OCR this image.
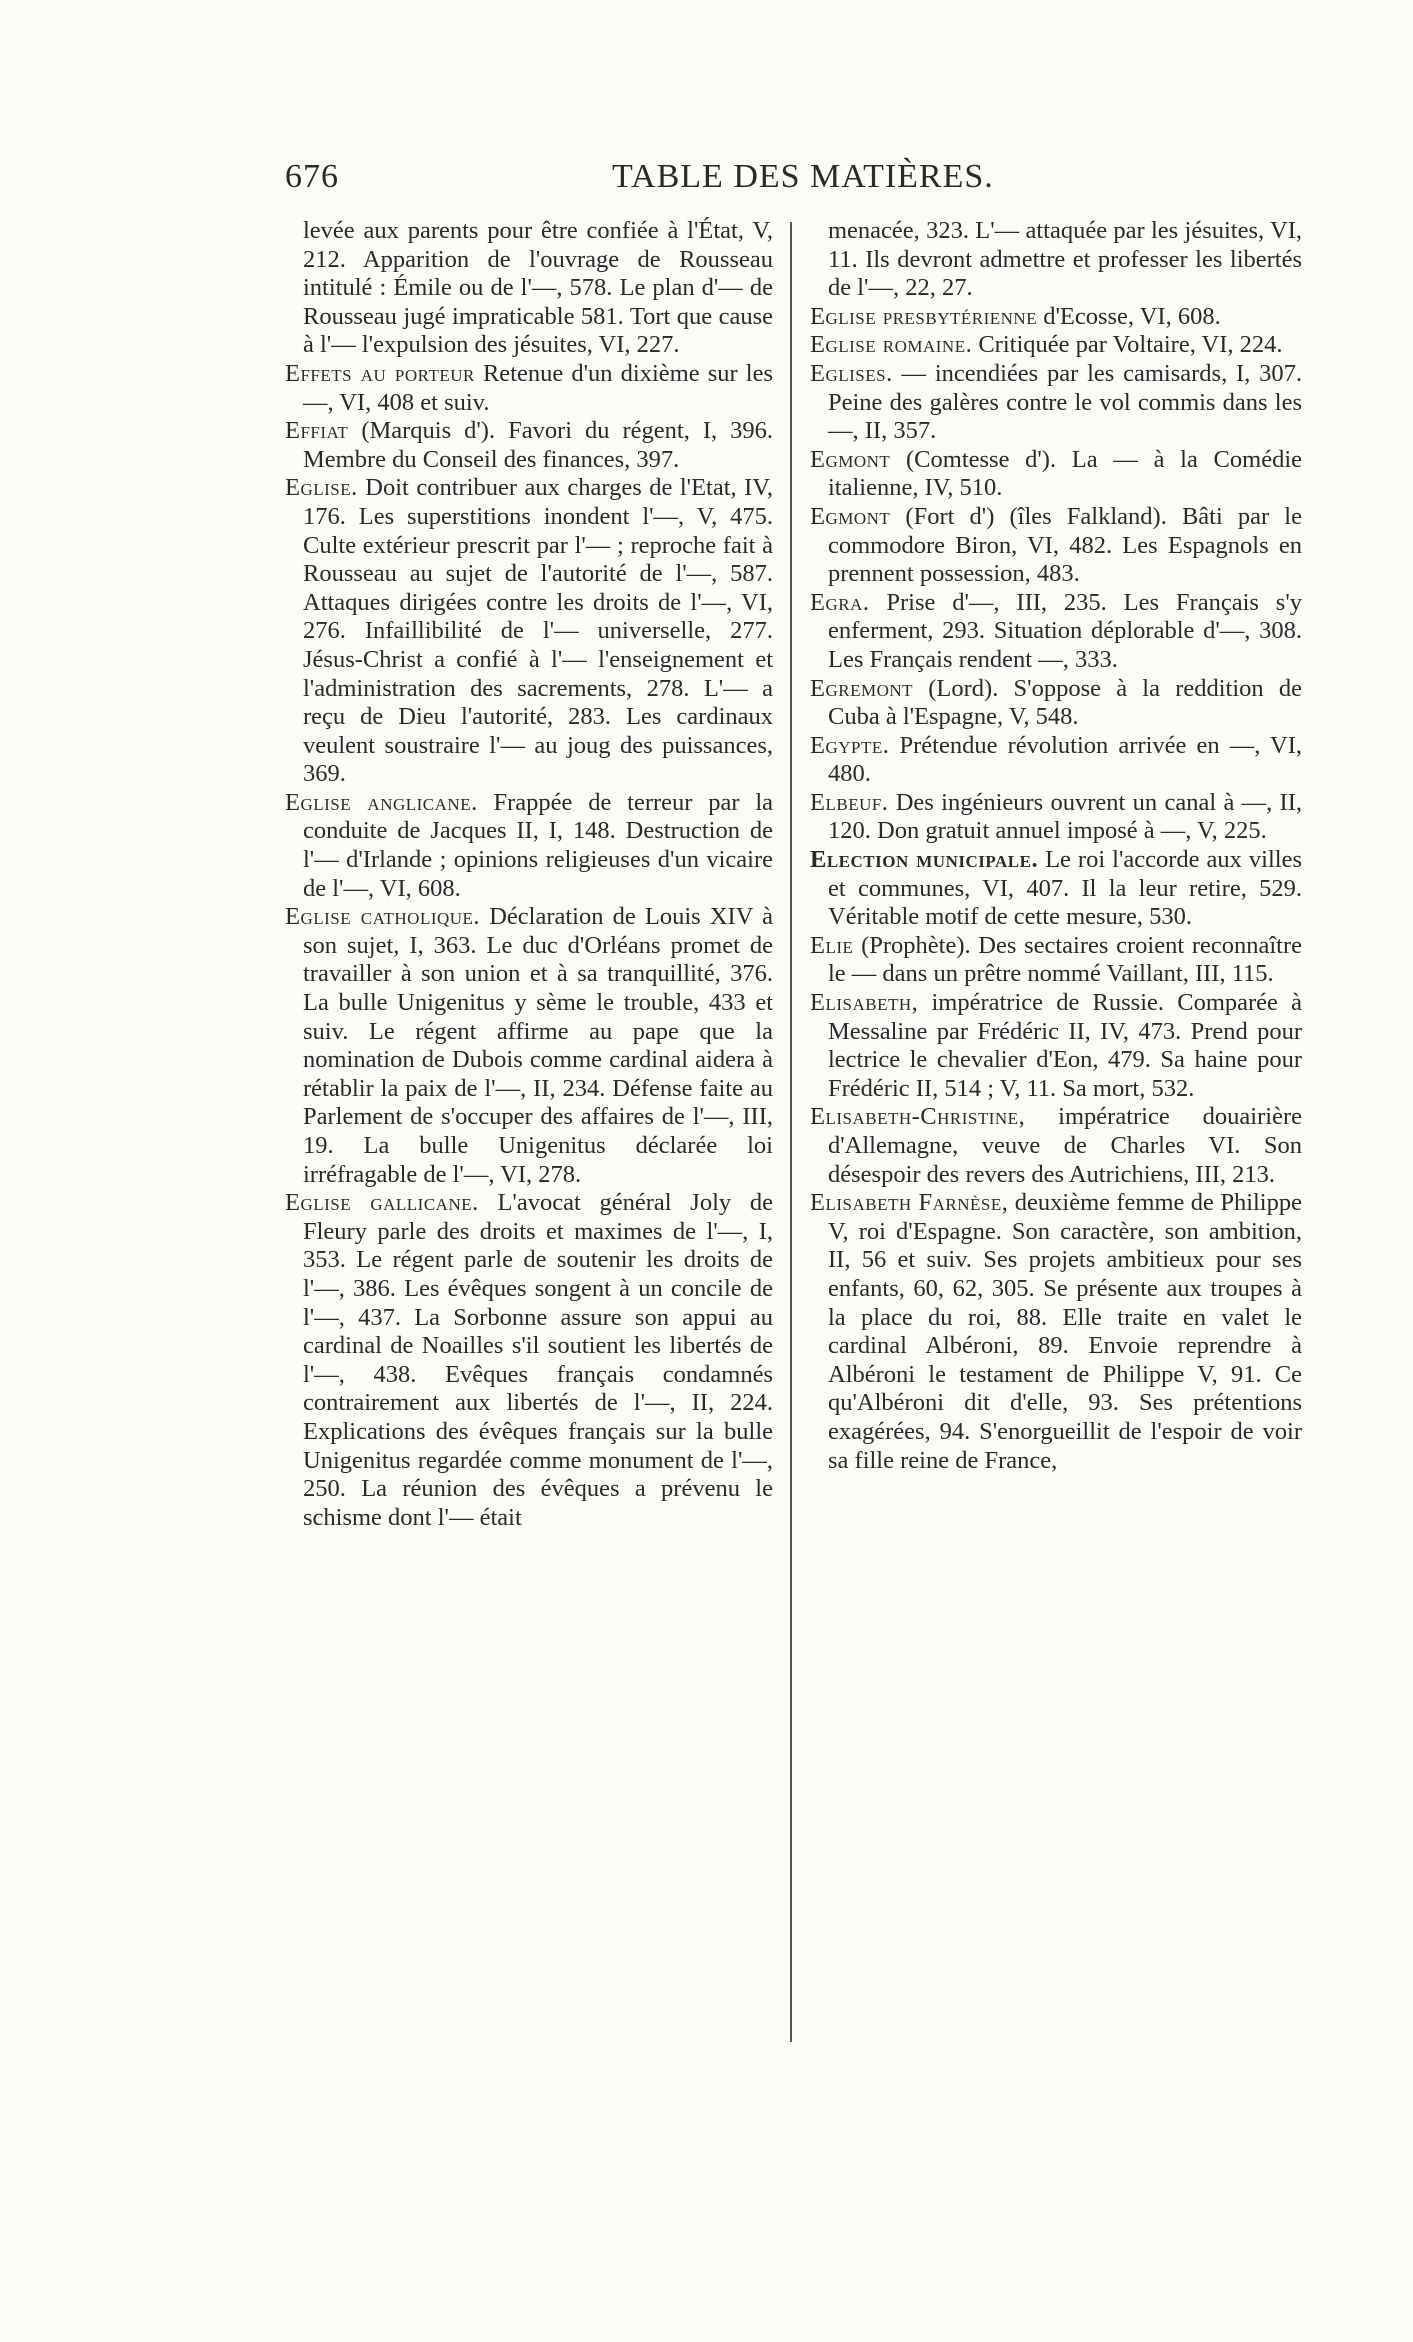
676	TABLE DES MATIÈRES.

levée aux parents pour être confiée à l'État, V, 212. Apparition de l'ouvrage de Rousseau intitulé : Émile ou de l'—, 578. Le plan d'— de Rousseau jugé impraticable 581. Tort que cause à l'— l'expulsion des jésuites, VI, 227.

Effets au porteur Retenue d'un dixième sur les —, VI, 408 et suiv.

Effiat (Marquis d'). Favori du régent, I, 396. Membre du Conseil des finances, 397.

Eglise. Doit contribuer aux charges de l'Etat, IV, 176. Les superstitions inondent l'—, V, 475. Culte extérieur prescrit par l'— ; reproche fait à Rousseau au sujet de l'autorité de l'—, 587. Attaques dirigées contre les droits de l'—, VI, 276. Infaillibilité de l'— universelle, 277. Jésus-Christ a confié à l'— l'enseignement et l'administration des sacrements, 278. L'— a reçu de Dieu l'autorité, 283. Les cardinaux veulent soustraire l'— au joug des puissances, 369.

Eglise anglicane. Frappée de terreur par la conduite de Jacques II, I, 148. Destruction de l'— d'Irlande ; opinions religieuses d'un vicaire de l'—, VI, 608.

Eglise catholique. Déclaration de Louis XIV à son sujet, I, 363. Le duc d'Orléans promet de travailler à son union et à sa tranquillité, 376. La bulle Unigenitus y sème le trouble, 433 et suiv. Le régent affirme au pape que la nomination de Dubois comme cardinal aidera à rétablir la paix de l'—, II, 234. Défense faite au Parlement de s'occuper des affaires de l'—, III, 19. La bulle Unigenitus déclarée loi irréfragable de l'—, VI, 278.

Eglise gallicane. L'avocat général Joly de Fleury parle des droits et maximes de l'—, I, 353. Le régent parle de soutenir les droits de l'—, 386. Les évêques songent à un concile de l'—, 437. La Sorbonne assure son appui au cardinal de Noailles s'il soutient les libertés de l'—, 438. Evêques français condamnés contrairement aux libertés de l'—, II, 224. Explications des évêques français sur la bulle Unigenitus regardée comme monument de l'—, 250. La réunion des évêques a prévenu le schisme dont l'— était

menacée, 323. L'— attaquée par les jésuites, VI, 11. Ils devront admettre et professer les libertés de l'—, 22, 27.

Eglise presbytérienne d'Ecosse, VI, 608.

Eglise romaine. Critiquée par Voltaire, VI, 224.

Eglises. — incendiées par les camisards, I, 307. Peine des galères contre le vol commis dans les —, II, 357.

Egmont (Comtesse d'). La — à la Comédie italienne, IV, 510.

Egmont (Fort d') (îles Falkland). Bâti par le commodore Biron, VI, 482. Les Espagnols en prennent possession, 483.

Egra. Prise d'—, III, 235. Les Français s'y enferment, 293. Situation déplorable d'—, 308. Les Français rendent —, 333.

Egremont (Lord). S'oppose à la reddition de Cuba à l'Espagne, V, 548.

Egypte. Prétendue révolution arrivée en —, VI, 480.

Elbeuf. Des ingénieurs ouvrent un canal à —, II, 120. Don gratuit annuel imposé à —, V, 225.

Election municipale. Le roi l'accorde aux villes et communes, VI, 407. Il la leur retire, 529. Véritable motif de cette mesure, 530.

Elie (Prophète). Des sectaires croient reconnaître le — dans un prêtre nommé Vaillant, III, 115.

Elisabeth, impératrice de Russie. Comparée à Messaline par Frédéric II, IV, 473. Prend pour lectrice le chevalier d'Eon, 479. Sa haine pour Frédéric II, 514 ; V, 11. Sa mort, 532.

Elisabeth-Christine, impératrice douairière d'Allemagne, veuve de Charles VI. Son désespoir des revers des Autrichiens, III, 213.

Elisabeth Farnèse, deuxième femme de Philippe V, roi d'Espagne. Son caractère, son ambition, II, 56 et suiv. Ses projets ambitieux pour ses enfants, 60, 62, 305. Se présente aux troupes à la place du roi, 88. Elle traite en valet le cardinal Albéroni, 89. Envoie reprendre à Albéroni le testament de Philippe V, 91. Ce qu'Albéroni dit d'elle, 93. Ses prétentions exagérées, 94. S'enorgueillit de l'espoir de voir sa fille reine de France,
